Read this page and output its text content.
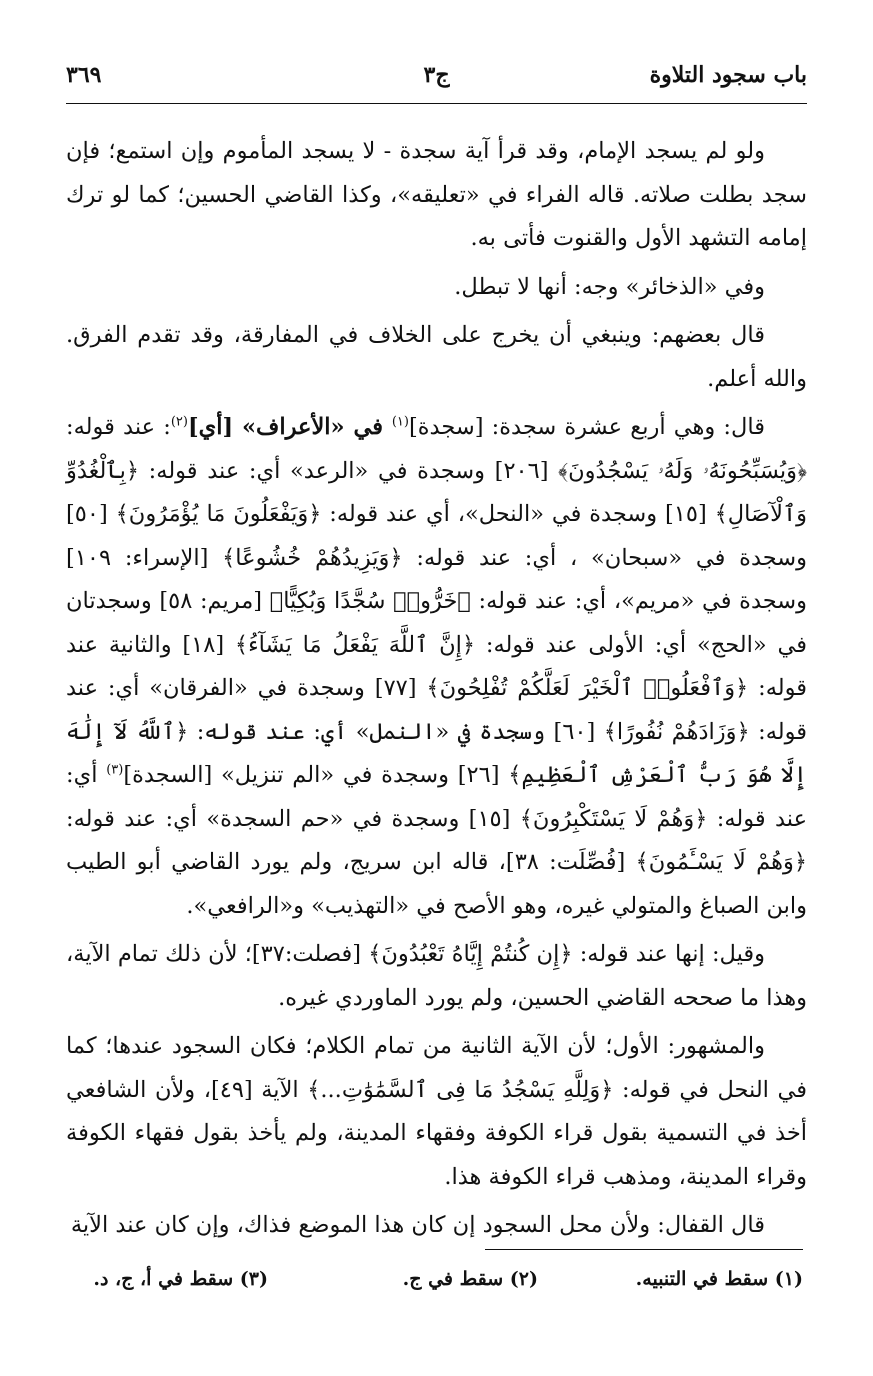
باب سجود التلاوة
ج٣
٣٦٩

ولو لم يسجد الإمام، وقد قرأ آية سجدة - لا يسجد المأموم وإن استمع؛ فإن سجد بطلت صلاته. قاله الفراء في «تعليقه»، وكذا القاضي الحسين؛ كما لو ترك إمامه التشهد الأول والقنوت فأتى به.

وفي «الذخائر» وجه: أنها لا تبطل.

قال بعضهم: وينبغي أن يخرج على الخلاف في المفارقة، وقد تقدم الفرق. والله أعلم.

قال: وهي أربع عشرة سجدة: [سجدة]$^{(١)}$ في «الأعراف» [أي]$^{(٢)}$: عند قوله: ﴿وَيُسَبِّحُونَهُۥ وَلَهُۥ يَسْجُدُونَ﴾ [٢٠٦] وسجدة في «الرعد» أي: عند قوله: ﴿بِٱلْغُدُوِّ وَٱلْآصَالِ﴾ [١٥] وسجدة في «النحل»، أي عند قوله: ﴿وَيَفْعَلُونَ مَا يُؤْمَرُونَ﴾ [٥٠] وسجدة في «سبحان» ، أي: عند قوله: ﴿وَيَزِيدُهُمْ خُشُوعًا﴾ [الإسراء: ١٠٩] وسجدة في «مريم»، أي: عند قوله: ﴿خَرُّوا۟ سُجَّدًا وَبُكِيًّا﴾ [مريم: ٥٨] وسجدتان في «الحج» أي: الأولى عند قوله: ﴿إِنَّ ٱللَّهَ يَفْعَلُ مَا يَشَآءُ﴾ [١٨] والثانية عند قوله: ﴿وَٱفْعَلُوا۟ ٱلْخَيْرَ لَعَلَّكُمْ تُفْلِحُونَ﴾ [٧٧] وسجدة في «الفرقان» أي: عند قوله: ﴿وَزَادَهُمْ نُفُورًا﴾ [٦٠] وسجدة في «النمل» أي: عند قوله: ﴿ٱللَّهُ لَآ إِلَٰهَ إِلَّا هُوَ رَبُّ ٱلْعَرْشِ ٱلْعَظِيمِ﴾ [٢٦] وسجدة في «الم تنزيل» [السجدة]$^{(٣)}$ أي: عند قوله: ﴿وَهُمْ لَا يَسْتَكْبِرُونَ﴾ [١٥] وسجدة في «حم السجدة» أي: عند قوله: ﴿وَهُمْ لَا يَسْـَٔمُونَ﴾ [فُصِّلَت: ٣٨]، قاله ابن سريج، ولم يورد القاضي أبو الطيب وابن الصباغ والمتولي غيره، وهو الأصح في «التهذيب» و«الرافعي».

وقيل: إنها عند قوله: ﴿إِن كُنتُمْ إِيَّاهُ تَعْبُدُونَ﴾ [فصلت:٣٧]؛ لأن ذلك تمام الآية، وهذا ما صححه القاضي الحسين، ولم يورد الماوردي غيره.

والمشهور: الأول؛ لأن الآية الثانية من تمام الكلام؛ فكان السجود عندها؛ كما في النحل في قوله: ﴿وَلِلَّهِ يَسْجُدُ مَا فِى ٱلسَّمَٰوَٰتِ...﴾ الآية [٤٩]، ولأن الشافعي أخذ في التسمية بقول قراء الكوفة وفقهاء المدينة، ولم يأخذ بقول فقهاء الكوفة وقراء المدينة، ومذهب قراء الكوفة هذا.

قال القفال: ولأن محل السجود إن كان هذا الموضع فذاك، وإن كان عند الآية

(١) سقط في التنبيه.
(٢) سقط في ج.
(٣) سقط في أ، ج، د.
